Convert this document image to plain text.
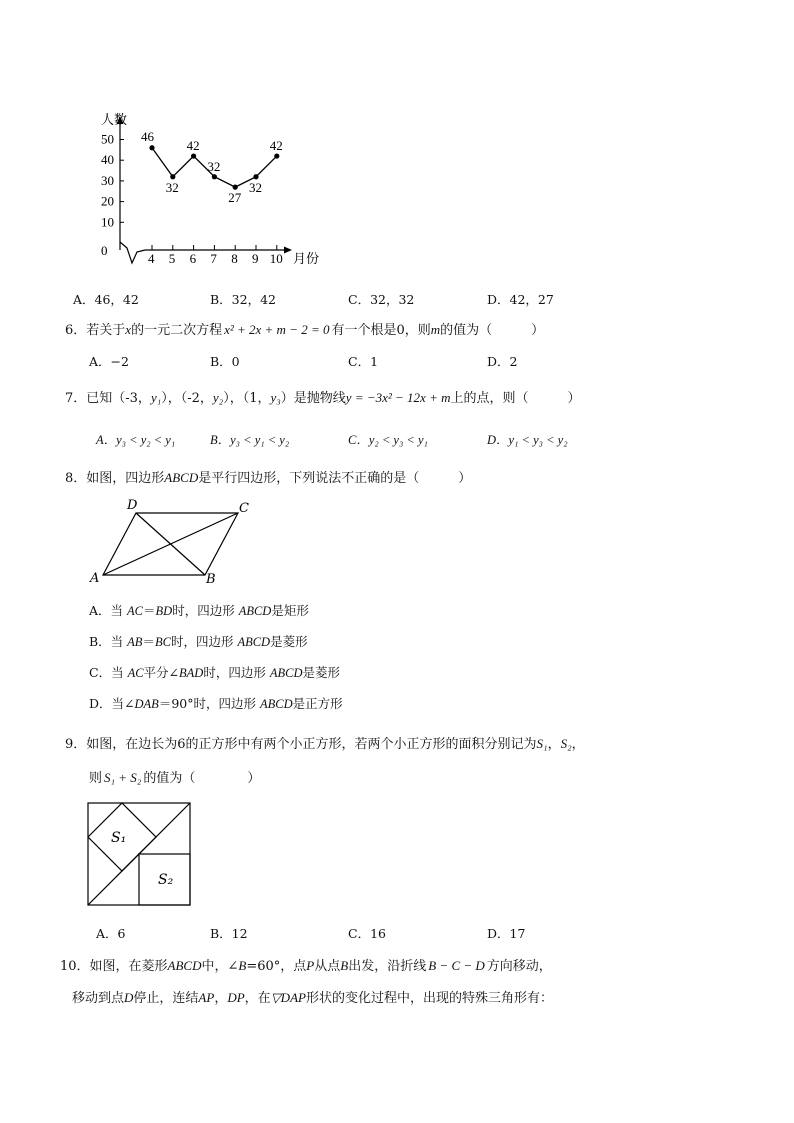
人数
月份
50
40
30
20
10
0
4 5 6 7 8 9 10
46
32
42
32
27
32
42
A．46，42	B．32，42	C．32，32	D．42，27
6．若关于x的一元二次方程 x² + 2x + m − 2 = 0 有一个根是0，则m的值为（　　　）
A．−2	B．0	C．1	D．2
7．已知（-3，y₁），（-2，y₂），（1，y₃）是抛物线y = −3x² − 12x + m上的点，则（　　　）
A．y₃ < y₂ < y₁	B．y₃ < y₁ < y₂	C．y₂ < y₃ < y₁	D．y₁ < y₃ < y₂
8．如图，四边形ABCD是平行四边形，下列说法不正确的是（　　　）
A	B
C
D
A．当 AC＝BD时，四边形 ABCD是矩形
B．当 AB＝BC时，四边形 ABCD是菱形
C．当 AC平分∠BAD时，四边形 ABCD是菱形
D．当∠DAB＝90°时，四边形 ABCD是正方形
9．如图，在边长为6的正方形中有两个小正方形，若两个小正方形的面积分别记为S₁，S₂，
则 S₁ + S₂ 的值为（　　　　）
S₁
S₂
A．6	B．12	C．16	D．17
10．如图，在菱形ABCD中，∠B=60°，点P从点B出发，沿折线 B − C − D 方向移动，
移动到点D停止，连结AP，DP，在▽DAP形状的变化过程中，出现的特殊三角形有：
